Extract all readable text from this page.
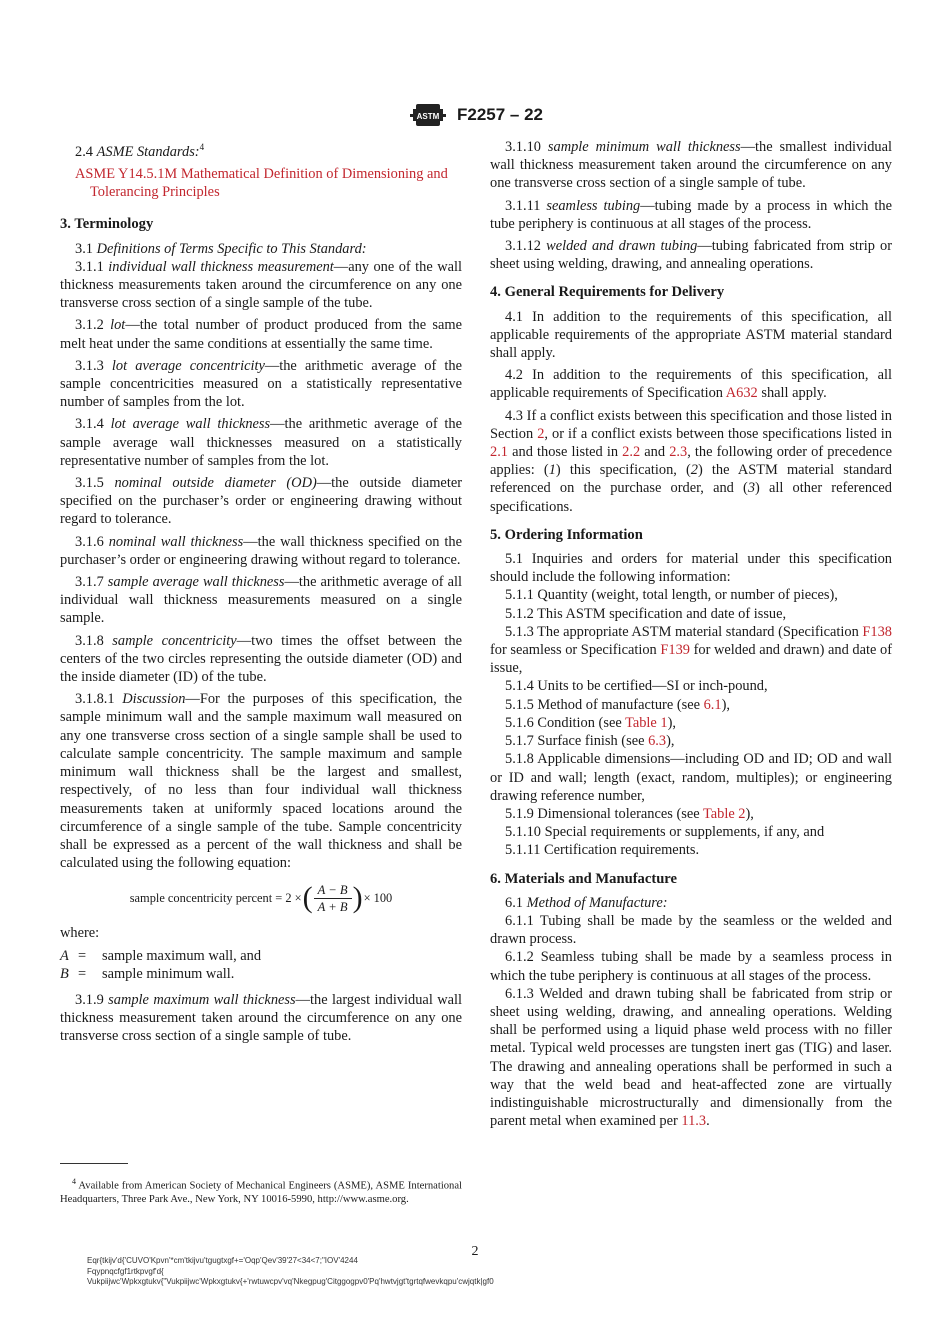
ASTM F2257 – 22

2.4 ASME Standards:$^4$

ASME Y14.5.1M Mathematical Definition of Dimensioning and Tolerancing Principles

3. Terminology

3.1 Definitions of Terms Specific to This Standard:

3.1.1 individual wall thickness measurement—any one of the wall thickness measurements taken around the circumference on any one transverse cross section of a single sample of the tube.

3.1.2 lot—the total number of product produced from the same melt heat under the same conditions at essentially the same time.

3.1.3 lot average concentricity—the arithmetic average of the sample concentricities measured on a statistically representative number of samples from the lot.

3.1.4 lot average wall thickness—the arithmetic average of the sample average wall thicknesses measured on a statistically representative number of samples from the lot.

3.1.5 nominal outside diameter (OD)—the outside diameter specified on the purchaser’s order or engineering drawing without regard to tolerance.

3.1.6 nominal wall thickness—the wall thickness specified on the purchaser’s order or engineering drawing without regard to tolerance.

3.1.7 sample average wall thickness—the arithmetic average of all individual wall thickness measurements measured on a single sample.

3.1.8 sample concentricity—two times the offset between the centers of the two circles representing the outside diameter (OD) and the inside diameter (ID) of the tube.

3.1.8.1 Discussion—For the purposes of this specification, the sample minimum wall and the sample maximum wall measured on any one transverse cross section of a single sample shall be used to calculate sample concentricity. The sample maximum and sample minimum wall thickness shall be the largest and smallest, respectively, of no less than four individual wall thickness measurements taken at uniformly spaced locations around the circumference of a single sample of the tube. Sample concentricity shall be expressed as a percent of the wall thickness and shall be calculated using the following equation:

sample concentricity percent = 2 × ( $\frac{A - B}{A + B}$ ) × 100

where:

A =	sample maximum wall, and
B =	sample minimum wall.

3.1.9 sample maximum wall thickness—the largest individual wall thickness measurement taken around the circumference on any one transverse cross section of a single sample of tube.

3.1.10 sample minimum wall thickness—the smallest individual wall thickness measurement taken around the circumference on any one transverse cross section of a single sample of tube.

3.1.11 seamless tubing—tubing made by a process in which the tube periphery is continuous at all stages of the process.

3.1.12 welded and drawn tubing—tubing fabricated from strip or sheet using welding, drawing, and annealing operations.

4. General Requirements for Delivery

4.1 In addition to the requirements of this specification, all applicable requirements of the appropriate ASTM material standard shall apply.

4.2 In addition to the requirements of this specification, all applicable requirements of Specification A632 shall apply.

4.3 If a conflict exists between this specification and those listed in Section 2, or if a conflict exists between those specifications listed in 2.1 and those listed in 2.2 and 2.3, the following order of precedence applies: (1) this specification, (2) the ASTM material standard referenced on the purchase order, and (3) all other referenced specifications.

5. Ordering Information

5.1 Inquiries and orders for material under this specification should include the following information:

5.1.1 Quantity (weight, total length, or number of pieces),

5.1.2 This ASTM specification and date of issue,

5.1.3 The appropriate ASTM material standard (Specification F138 for seamless or Specification F139 for welded and drawn) and date of issue,

5.1.4 Units to be certified—SI or inch-pound,

5.1.5 Method of manufacture (see 6.1),

5.1.6 Condition (see Table 1),

5.1.7 Surface finish (see 6.3),

5.1.8 Applicable dimensions—including OD and ID; OD and wall or ID and wall; length (exact, random, multiples); or engineering drawing reference number,

5.1.9 Dimensional tolerances (see Table 2),

5.1.10 Special requirements or supplements, if any, and

5.1.11 Certification requirements.

6. Materials and Manufacture

6.1 Method of Manufacture:

6.1.1 Tubing shall be made by the seamless or the welded and drawn process.

6.1.2 Seamless tubing shall be made by a seamless process in which the tube periphery is continuous at all stages of the process.

6.1.3 Welded and drawn tubing shall be fabricated from strip or sheet using welding, drawing, and annealing operations. Welding shall be performed using a liquid phase weld process with no filler metal. Typical weld processes are tungsten inert gas (TIG) and laser. The drawing and annealing operations shall be performed in such a way that the weld bead and heat-affected zone are virtually indistinguishable microstructurally and dimensionally from the parent metal when examined per 11.3.

$^4$ Available from American Society of Mechanical Engineers (ASME), ASME International Headquarters, Three Park Ave., New York, NY 10016-5990, http://www.asme.org.
2
Eqr{tkijv'd{'CUVO'Kpvn'*cm'tkijvu'tgugtxgf+='Oqp'Qev'39'27<34<7;"IOV'4244
Fqypnqcfgf1rtkpvgf'd{
Vukpiijwc'Wpkxgtukv{"Vukpiijwc'Wpkxgtukv{+'rwtuwcpv'vq'Nkegpug'Citggogpv0'Pq'hwtvjgt'tgrtqfwevkqpu'cwjqtk|gf0
